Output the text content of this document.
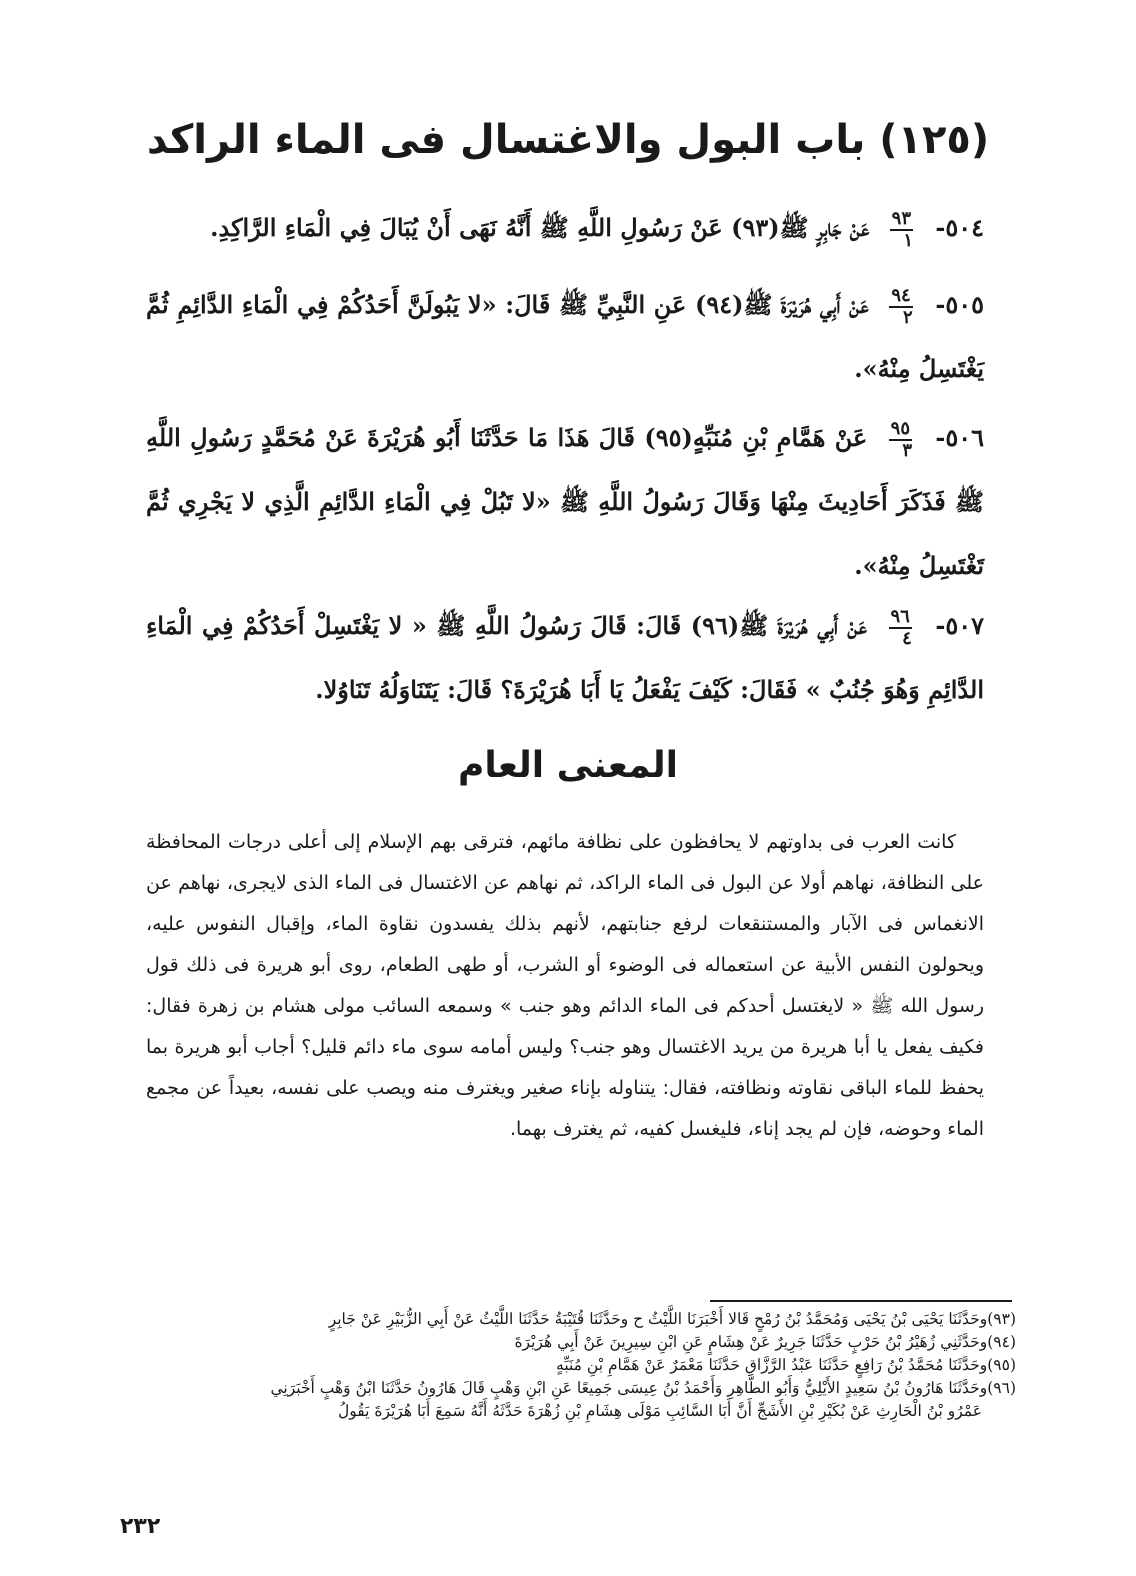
(١٢٥) باب البول والاغتسال فى الماء الراكد
٥٠٤-
$\frac{٩٣}{١}$
عَنْ جَابِرٍ ﷺ(٩٣) عَنْ رَسُولِ اللَّهِ ﷺ أَنَّهُ نَهَى أَنْ يُبَالَ فِي الْمَاءِ الرَّاكِدِ.
٥٠٥-
$\frac{٩٤}{٢}$
عَنْ أَبِي هُرَيْرَةَ ﷺ(٩٤) عَنِ النَّبِيِّ ﷺ قَالَ: «لا يَبُولَنَّ أَحَدُكُمْ فِي الْمَاءِ الدَّائِمِ ثُمَّ يَغْتَسِلُ مِنْهُ».
٥٠٦-
$\frac{٩٥}{٣}$
عَنْ هَمَّامِ بْنِ مُنَبِّهٍ(٩٥) قَالَ هَذَا مَا حَدَّثَنَا أَبُو هُرَيْرَةَ عَنْ مُحَمَّدٍ رَسُولِ اللَّهِ ﷺ فَذَكَرَ أَحَادِيثَ مِنْهَا وَقَالَ رَسُولُ اللَّهِ ﷺ «لا تَبُلْ فِي الْمَاءِ الدَّائِمِ الَّذِي لا يَجْرِي ثُمَّ تَغْتَسِلُ مِنْهُ».
٥٠٧-
$\frac{٩٦}{٤}$
عَنْ أَبِي هُرَيْرَةَ ﷺ(٩٦) قَالَ: قَالَ رَسُولُ اللَّهِ ﷺ « لا يَغْتَسِلْ أَحَدُكُمْ فِي الْمَاءِ الدَّائِمِ وَهُوَ جُنُبٌ » فَقَالَ: كَيْفَ يَفْعَلُ يَا أَبَا هُرَيْرَةَ؟ قَالَ: يَتَنَاوَلُهُ تَنَاوُلا.
المعنى العام
كانت العرب فى بداوتهم لا يحافظون على نظافة مائهم، فترقى بهم الإسلام إلى أعلى درجات المحافظة على النظافة، نهاهم أولا عن البول فى الماء الراكد، ثم نهاهم عن الاغتسال فى الماء الذى لايجرى، نهاهم عن الانغماس فى الآبار والمستنقعات لرفع جنابتهم، لأنهم بذلك يفسدون نقاوة الماء، وإقبال النفوس عليه، ويحولون النفس الأبية عن استعماله فى الوضوء أو الشرب، أو طهى الطعام، روى أبو هريرة فى ذلك قول رسول الله ﷺ « لايغتسل أحدكم فى الماء الدائم وهو جنب » وسمعه السائب مولى هشام بن زهرة فقال: فكيف يفعل يا أبا هريرة من يريد الاغتسال وهو جنب؟ وليس أمامه سوى ماء دائم قليل؟ أجاب أبو هريرة بما يحفظ للماء الباقى نقاوته ونظافته، فقال: يتناوله بإناء صغير ويغترف منه ويصب على نفسه، بعيداً عن مجمع الماء وحوضه، فإن لم يجد إناء، فليغسل كفيه، ثم يغترف بهما.
(٩٣)وحَدَّثَنَا يَحْيَى بْنُ يَحْيَى وَمُحَمَّدُ بْنُ رُمْحٍ قَالا أَخْبَرَنَا اللَّيْثُ ح وحَدَّثَنَا قُتَيْبَةُ حَدَّثَنَا اللَّيْثُ عَنْ أَبِي الزُّبَيْرِ عَنْ جَابِرٍ
(٩٤)وحَدَّثَنِي زُهَيْرُ بْنُ حَرْبٍ حَدَّثَنَا جَرِيرٌ عَنْ هِشَامٍ عَنِ ابْنِ سِيرِينَ عَنْ أَبِي هُرَيْرَةَ
(٩٥)وحَدَّثَنَا مُحَمَّدُ بْنُ رَافِعٍ حَدَّثَنَا عَبْدُ الرَّزَّاقِ حَدَّثَنَا مَعْمَرٌ عَنْ هَمَّامِ بْنِ مُنَبِّهٍ
(٩٦)وحَدَّثَنَا هَارُونُ بْنُ سَعِيدٍ الأَيْلِيُّ وَأَبُو الطَّاهِرِ وَأَحْمَدُ بْنُ عِيسَى جَمِيعًا عَنِ ابْنِ وَهْبٍ قَالَ هَارُونُ حَدَّثَنَا ابْنُ وَهْبٍ أَخْبَرَنِي
عَمْرُو بْنُ الْحَارِثِ عَنْ بُكَيْرِ بْنِ الأَشَجِّ أَنَّ أَبَا السَّائِبِ مَوْلَى هِشَامِ بْنِ زُهْرَةَ حَدَّثَهُ أَنَّهُ سَمِعَ أَبَا هُرَيْرَةَ يَقُولُ
٢٣٢
